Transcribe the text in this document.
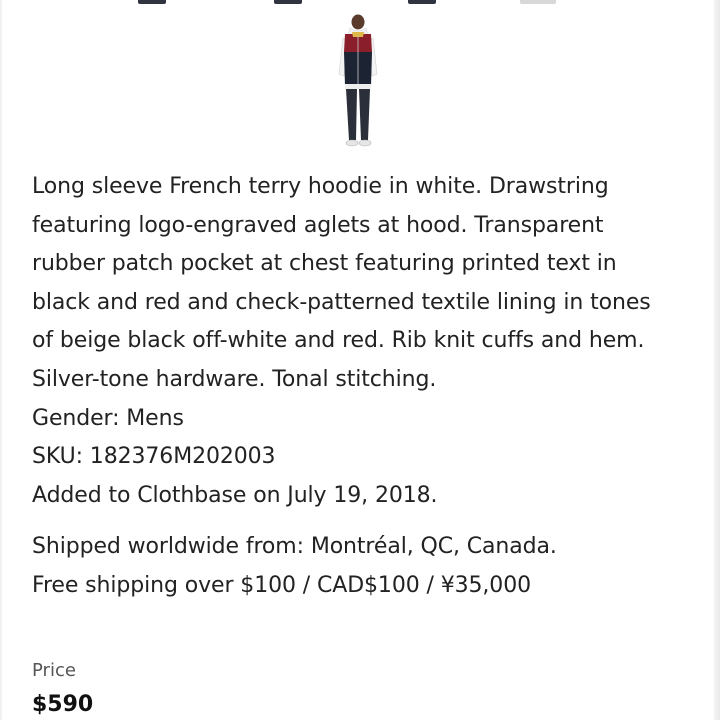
Long sleeve French terry hoodie in white. Drawstring featuring logo-engraved aglets at hood. Transparent rubber patch pocket at chest featuring printed text in black and red and check-patterned textile lining in tones of beige black off-white and red. Rib knit cuffs and hem. Silver-tone hardware. Tonal stitching.

Gender: Mens

SKU: 182376M202003

Added to Clothbase on July 19, 2018.

Shipped worldwide from: Montréal, QC, Canada.

Free shipping over $100 / CAD$100 / ¥35,000

Price
$590
